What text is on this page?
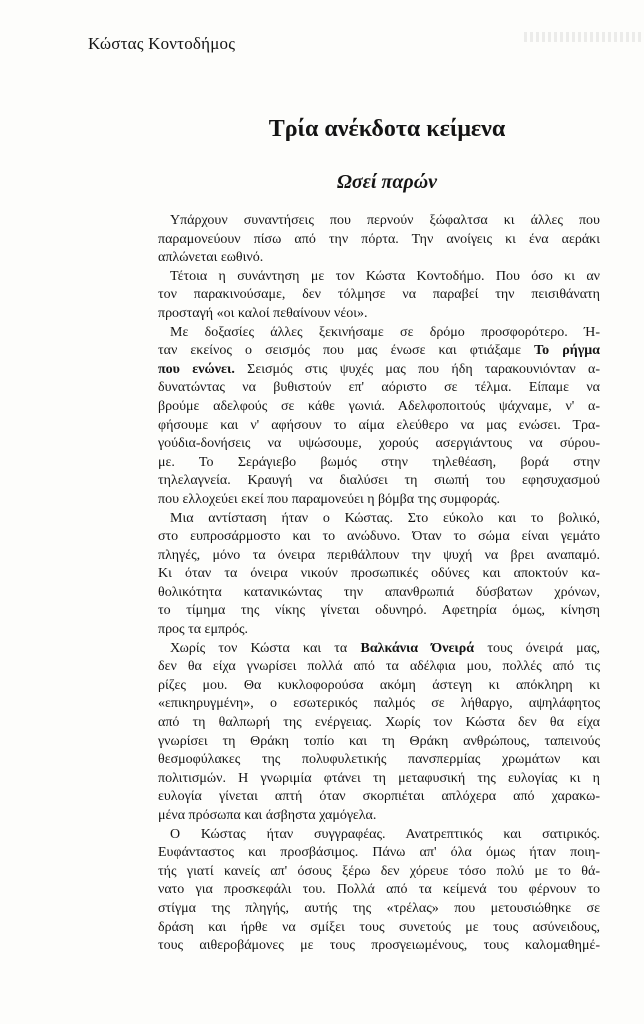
Κώστας Κοντοδήμος
Τρία ανέκδοτα κείμενα
Ωσεί παρών

Υπάρχουν συναντήσεις που περνούν ξώφαλτσα κι άλλες που
παραμονεύουν πίσω από την πόρτα. Την ανοίγεις κι ένα αεράκι
απλώνεται εωθινό.

Τέτοια η συνάντηση με τον Κώστα Κοντοδήμο. Που όσο κι αν
τον παρακινούσαμε, δεν τόλμησε να παραβεί την πεισιθάνατη
προσταγή «οι καλοί πεθαίνουν νέοι».

Με δοξασίες άλλες ξεκινήσαμε σε δρόμο προσφορότερο. Ή-
ταν εκείνος ο σεισμός που μας ένωσε και φτιάξαμε Το ρήγμα
που ενώνει. Σεισμός στις ψυχές μας που ήδη ταρακουνιόνταν α-
δυνατώντας να βυθιστούν επ' αόριστο σε τέλμα. Είπαμε να
βρούμε αδελφούς σε κάθε γωνιά. Αδελφοποιτούς ψάχναμε, ν' α-
φήσουμε και ν' αφήσουν το αίμα ελεύθερο να μας ενώσει. Τρα-
γούδια-δονήσεις να υψώσουμε, χορούς ασεργιάντους να σύρου-
με. Το Σεράγιεβο βωμός στην τηλεθέαση, βορά στην
τηλελαγνεία. Κραυγή να διαλύσει τη σιωπή του εφησυχασμού
που ελλοχεύει εκεί που παραμονεύει η βόμβα της συμφοράς.

Μια αντίσταση ήταν ο Κώστας. Στο εύκολο και το βολικό,
στο ευπροσάρμοστο και το ανώδυνο. Όταν το σώμα είναι γεμάτο
πληγές, μόνο τα όνειρα περιθάλπουν την ψυχή να βρει αναπαμό.
Κι όταν τα όνειρα νικούν προσωπικές οδύνες και αποκτούν κα-
θολικότητα κατανικώντας την απανθρωπιά δύσβατων χρόνων,
το τίμημα της νίκης γίνεται οδυνηρό. Αφετηρία όμως, κίνηση
προς τα εμπρός.

Χωρίς τον Κώστα και τα Βαλκάνια Όνειρά τους όνειρά μας,
δεν θα είχα γνωρίσει πολλά από τα αδέλφια μου, πολλές από τις
ρίζες μου. Θα κυκλοφορούσα ακόμη άστεγη κι απόκληρη κι
«επικηρυγμένη», ο εσωτερικός παλμός σε λήθαργο, αψηλάφητος
από τη θαλπωρή της ενέργειας. Χωρίς τον Κώστα δεν θα είχα
γνωρίσει τη Θράκη τοπίο και τη Θράκη ανθρώπους, ταπεινούς
θεσμοφύλακες της πολυφυλετικής πανσπερμίας χρωμάτων και
πολιτισμών. Η γνωριμία φτάνει τη μεταφυσική της ευλογίας κι η
ευλογία γίνεται απτή όταν σκορπιέται απλόχερα από χαρακω-
μένα πρόσωπα και άσβηστα χαμόγελα.

Ο Κώστας ήταν συγγραφέας. Ανατρεπτικός και σατιρικός.
Ευφάνταστος και προσβάσιμος. Πάνω απ' όλα όμως ήταν ποιη-
τής γιατί κανείς απ' όσους ξέρω δεν χόρευε τόσο πολύ με το θά-
νατο για προσκεφάλι του. Πολλά από τα κείμενά του φέρνουν το
στίγμα της πληγής, αυτής της «τρέλας» που μετουσιώθηκε σε
δράση και ήρθε να σμίξει τους συνετούς με τους ασύνειδους,
τους αιθεροβάμονες με τους προσγειωμένους, τους καλομαθημέ-
